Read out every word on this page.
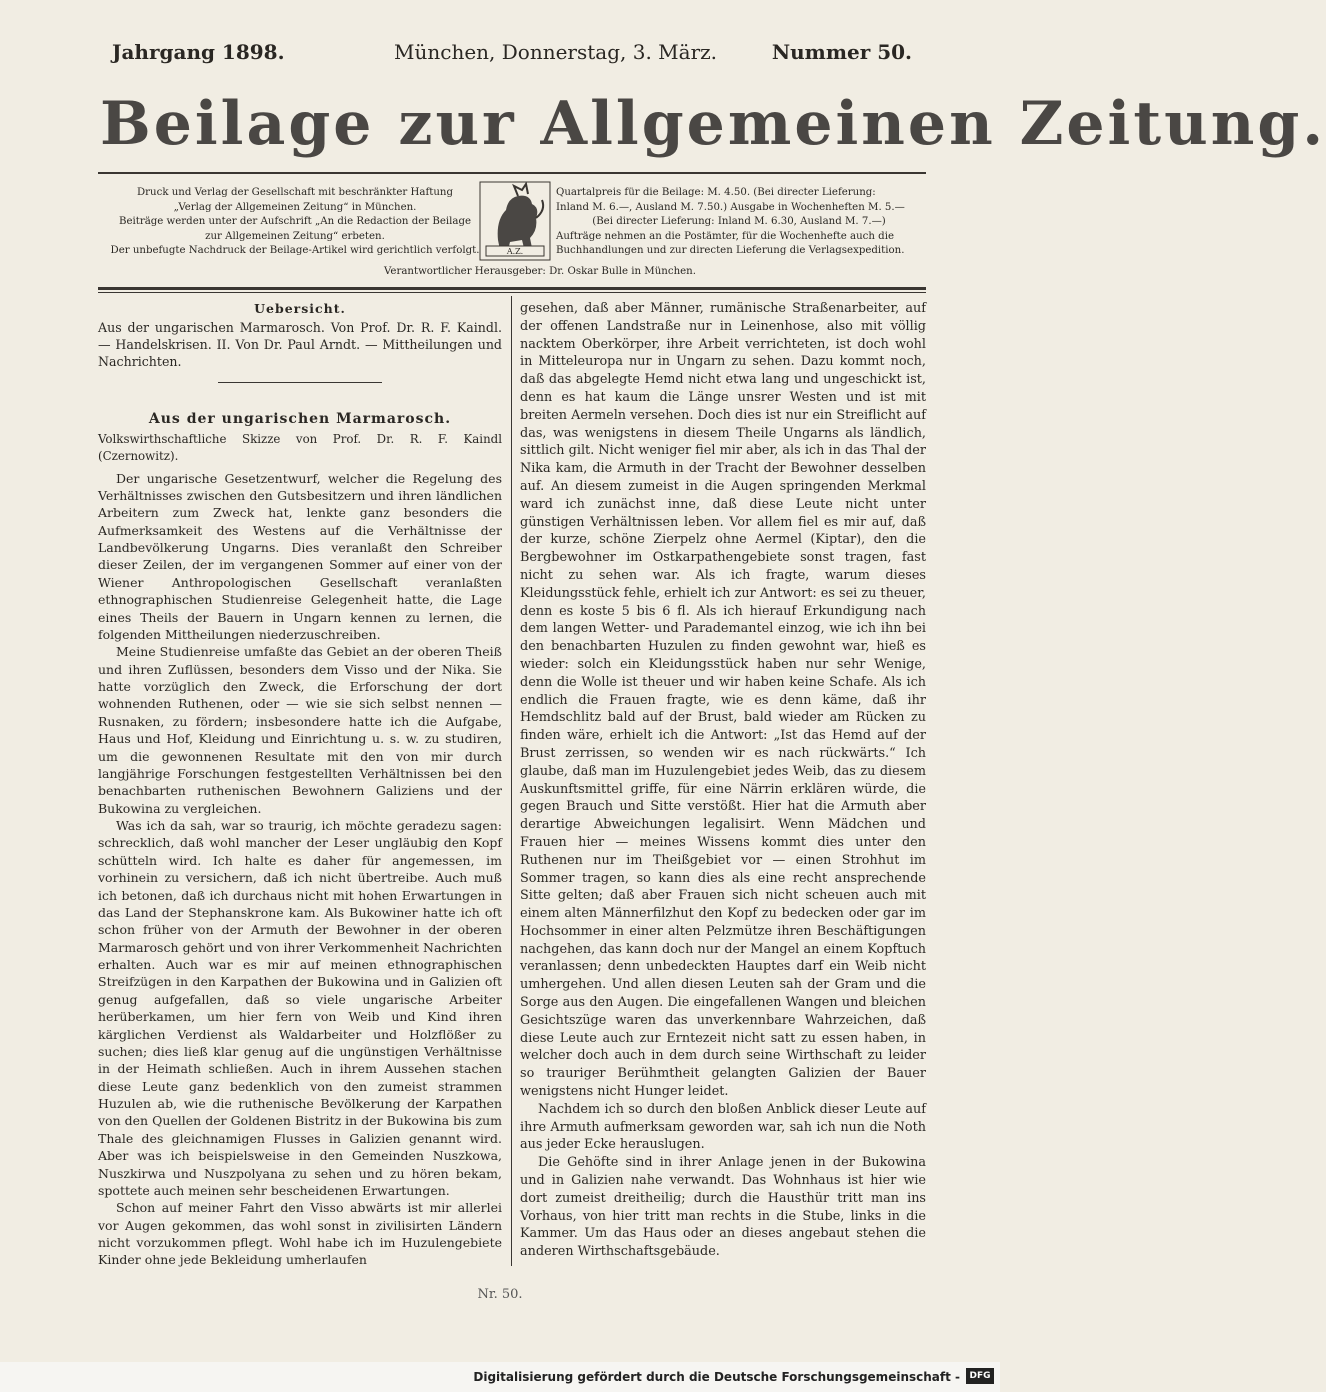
Jahrgang 1898.	München, Donnerstag, 3. März.	Nummer 50.
Beilage zur Allgemeinen Zeitung.
Druck und Verlag der Gesellschaft mit beschränkter Haftung
„Verlag der Allgemeinen Zeitung“ in München.
Beiträge werden unter der Aufschrift „An die Redaction der Beilage
zur Allgemeinen Zeitung“ erbeten.
Der unbefugte Nachdruck der Beilage-Artikel wird gerichtlich verfolgt.	A.Z.
Quartalpreis für die Beilage: M. 4.50. (Bei directer Lieferung:
Inland M. 6.—, Ausland M. 7.50.) Ausgabe in Wochenheften M. 5.—
(Bei directer Lieferung: Inland M. 6.30, Ausland M. 7.—)
Aufträge nehmen an die Postämter, für die Wochenhefte auch die
Buchhandlungen und zur directen Lieferung die Verlagsexpedition.
Verantwortlicher Herausgeber: Dr. Oskar Bulle in München.

Uebersicht.

Aus der ungarischen Marmarosch. Von Prof. Dr. R. F. Kaindl. — Handelskrisen. II. Von Dr. Paul Arndt. — Mittheilungen und Nachrichten.

Aus der ungarischen Marmarosch.

Volkswirthschaftliche Skizze von Prof. Dr. R. F. Kaindl (Czernowitz).

Der ungarische Gesetzentwurf, welcher die Regelung des Verhältnisses zwischen den Gutsbesitzern und ihren ländlichen Arbeitern zum Zweck hat, lenkte ganz besonders die Aufmerksamkeit des Westens auf die Verhältnisse der Landbevölkerung Ungarns. Dies veranlaßt den Schreiber dieser Zeilen, der im vergangenen Sommer auf einer von der Wiener Anthropologischen Gesellschaft veranlaßten ethnographischen Studienreise Gelegenheit hatte, die Lage eines Theils der Bauern in Ungarn kennen zu lernen, die folgenden Mittheilungen niederzuschreiben.

Meine Studienreise umfaßte das Gebiet an der oberen Theiß und ihren Zuflüssen, besonders dem Visso und der Nika. Sie hatte vorzüglich den Zweck, die Erforschung der dort wohnenden Ruthenen, oder — wie sie sich selbst nennen — Rusnaken, zu fördern; insbesondere hatte ich die Aufgabe, Haus und Hof, Kleidung und Einrichtung u. s. w. zu studiren, um die gewonnenen Resultate mit den von mir durch langjährige Forschungen festgestellten Verhältnissen bei den benachbarten ruthenischen Bewohnern Galiziens und der Bukowina zu vergleichen.

Was ich da sah, war so traurig, ich möchte geradezu sagen: schrecklich, daß wohl mancher der Leser ungläubig den Kopf schütteln wird. Ich halte es daher für angemessen, im vorhinein zu versichern, daß ich nicht übertreibe. Auch muß ich betonen, daß ich durchaus nicht mit hohen Erwartungen in das Land der Stephanskrone kam. Als Bukowiner hatte ich oft schon früher von der Armuth der Bewohner in der oberen Marmarosch gehört und von ihrer Verkommenheit Nachrichten erhalten. Auch war es mir auf meinen ethnographischen Streifzügen in den Karpathen der Bukowina und in Galizien oft genug aufgefallen, daß so viele ungarische Arbeiter herüberkamen, um hier fern von Weib und Kind ihren kärglichen Verdienst als Waldarbeiter und Holzflößer zu suchen; dies ließ klar genug auf die ungünstigen Verhältnisse in der Heimath schließen. Auch in ihrem Aussehen stachen diese Leute ganz bedenklich von den zumeist strammen Huzulen ab, wie die ruthenische Bevölkerung der Karpathen von den Quellen der Goldenen Bistritz in der Bukowina bis zum Thale des gleichnamigen Flusses in Galizien genannt wird. Aber was ich beispielsweise in den Gemeinden Nuszkowa, Nuszkirwa und Nuszpolyana zu sehen und zu hören bekam, spottete auch meinen sehr bescheidenen Erwartungen.

Schon auf meiner Fahrt den Visso abwärts ist mir allerlei vor Augen gekommen, das wohl sonst in zivilisirten Ländern nicht vorzukommen pflegt. Wohl habe ich im Huzulengebiete Kinder ohne jede Bekleidung umherlaufen

gesehen, daß aber Männer, rumänische Straßenarbeiter, auf der offenen Landstraße nur in Leinenhose, also mit völlig nacktem Oberkörper, ihre Arbeit verrichteten, ist doch wohl in Mitteleuropa nur in Ungarn zu sehen. Dazu kommt noch, daß das abgelegte Hemd nicht etwa lang und ungeschickt ist, denn es hat kaum die Länge unsrer Westen und ist mit breiten Aermeln versehen. Doch dies ist nur ein Streiflicht auf das, was wenigstens in diesem Theile Ungarns als ländlich, sittlich gilt. Nicht weniger fiel mir aber, als ich in das Thal der Nika kam, die Armuth in der Tracht der Bewohner desselben auf. An diesem zumeist in die Augen springenden Merkmal ward ich zunächst inne, daß diese Leute nicht unter günstigen Verhältnissen leben. Vor allem fiel es mir auf, daß der kurze, schöne Zierpelz ohne Aermel (Kiptar), den die Bergbewohner im Ostkarpathengebiete sonst tragen, fast nicht zu sehen war. Als ich fragte, warum dieses Kleidungsstück fehle, erhielt ich zur Antwort: es sei zu theuer, denn es koste 5 bis 6 fl. Als ich hierauf Erkundigung nach dem langen Wetter- und Parademantel einzog, wie ich ihn bei den benachbarten Huzulen zu finden gewohnt war, hieß es wieder: solch ein Kleidungsstück haben nur sehr Wenige, denn die Wolle ist theuer und wir haben keine Schafe. Als ich endlich die Frauen fragte, wie es denn käme, daß ihr Hemdschlitz bald auf der Brust, bald wieder am Rücken zu finden wäre, erhielt ich die Antwort: „Ist das Hemd auf der Brust zerrissen, so wenden wir es nach rückwärts.“ Ich glaube, daß man im Huzulengebiet jedes Weib, das zu diesem Auskunftsmittel griffe, für eine Närrin erklären würde, die gegen Brauch und Sitte verstößt. Hier hat die Armuth aber derartige Abweichungen legalisirt. Wenn Mädchen und Frauen hier — meines Wissens kommt dies unter den Ruthenen nur im Theißgebiet vor — einen Strohhut im Sommer tragen, so kann dies als eine recht ansprechende Sitte gelten; daß aber Frauen sich nicht scheuen auch mit einem alten Männerfilzhut den Kopf zu bedecken oder gar im Hochsommer in einer alten Pelzmütze ihren Beschäftigungen nachgehen, das kann doch nur der Mangel an einem Kopftuch veranlassen; denn unbedeckten Hauptes darf ein Weib nicht umhergehen. Und allen diesen Leuten sah der Gram und die Sorge aus den Augen. Die eingefallenen Wangen und bleichen Gesichtszüge waren das unverkennbare Wahrzeichen, daß diese Leute auch zur Erntezeit nicht satt zu essen haben, in welcher doch auch in dem durch seine Wirthschaft zu leider so trauriger Berühmtheit gelangten Galizien der Bauer wenigstens nicht Hunger leidet.

Nachdem ich so durch den bloßen Anblick dieser Leute auf ihre Armuth aufmerksam geworden war, sah ich nun die Noth aus jeder Ecke herauslugen.

Die Gehöfte sind in ihrer Anlage jenen in der Bukowina und in Galizien nahe verwandt. Das Wohnhaus ist hier wie dort zumeist dreitheilig; durch die Hausthür tritt man ins Vorhaus, von hier tritt man rechts in die Stube, links in die Kammer. Um das Haus oder an dieses angebaut stehen die anderen Wirthschaftsgebäude.

Nr. 50.
Digitalisierung gefördert durch die Deutsche Forschungsgemeinschaft -	DFG
